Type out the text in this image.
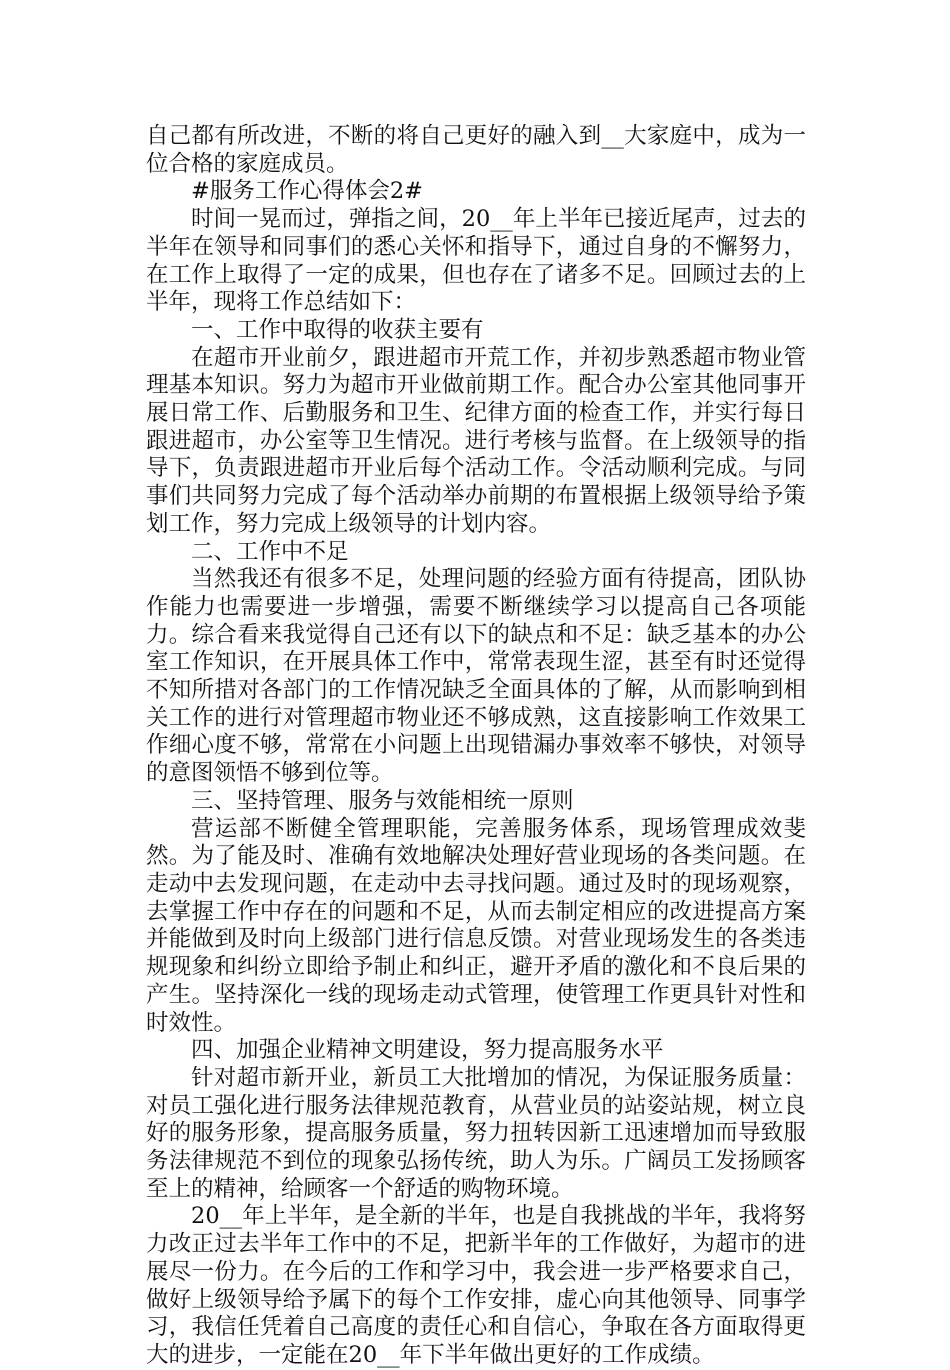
自己都有所改进，不断的将自己更好的融入到__大家庭中，成为一位合格的家庭成员。

#服务工作心得体会2#

时间一晃而过，弹指之间，20__年上半年已接近尾声，过去的半年在领导和同事们的悉心关怀和指导下，通过自身的不懈努力，在工作上取得了一定的成果，但也存在了诸多不足。回顾过去的上半年，现将工作总结如下：

一、工作中取得的收获主要有

在超市开业前夕，跟进超市开荒工作，并初步熟悉超市物业管理基本知识。努力为超市开业做前期工作。配合办公室其他同事开展日常工作、后勤服务和卫生、纪律方面的检查工作，并实行每日跟进超市，办公室等卫生情况。进行考核与监督。在上级领导的指导下，负责跟进超市开业后每个活动工作。令活动顺利完成。与同事们共同努力完成了每个活动举办前期的布置根据上级领导给予策划工作，努力完成上级领导的计划内容。

二、工作中不足

当然我还有很多不足，处理问题的经验方面有待提高，团队协作能力也需要进一步增强，需要不断继续学习以提高自己各项能力。综合看来我觉得自己还有以下的缺点和不足：缺乏基本的办公室工作知识，在开展具体工作中，常常表现生涩，甚至有时还觉得不知所措对各部门的工作情况缺乏全面具体的了解，从而影响到相关工作的进行对管理超市物业还不够成熟，这直接影响工作效果工作细心度不够，常常在小问题上出现错漏办事效率不够快，对领导的意图领悟不够到位等。

三、坚持管理、服务与效能相统一原则

营运部不断健全管理职能，完善服务体系，现场管理成效斐然。为了能及时、准确有效地解决处理好营业现场的各类问题。在走动中去发现问题，在走动中去寻找问题。通过及时的现场观察，去掌握工作中存在的问题和不足，从而去制定相应的改进提高方案并能做到及时向上级部门进行信息反馈。对营业现场发生的各类违规现象和纠纷立即给予制止和纠正，避开矛盾的激化和不良后果的产生。坚持深化一线的现场走动式管理，使管理工作更具针对性和时效性。

四、加强企业精神文明建设，努力提高服务水平

针对超市新开业，新员工大批增加的情况，为保证服务质量：对员工强化进行服务法律规范教育，从营业员的站姿站规，树立良好的服务形象，提高服务质量，努力扭转因新工迅速增加而导致服务法律规范不到位的现象弘扬传统，助人为乐。广阔员工发扬顾客至上的精神，给顾客一个舒适的购物环境。

20__年上半年，是全新的半年，也是自我挑战的半年，我将努力改正过去半年工作中的不足，把新半年的工作做好，为超市的进展尽一份力。在今后的工作和学习中，我会进一步严格要求自己，做好上级领导给予属下的每个工作安排，虚心向其他领导、同事学习，我信任凭着自己高度的责任心和自信心，争取在各方面取得更大的进步，一定能在20__年下半年做出更好的工作成绩。
